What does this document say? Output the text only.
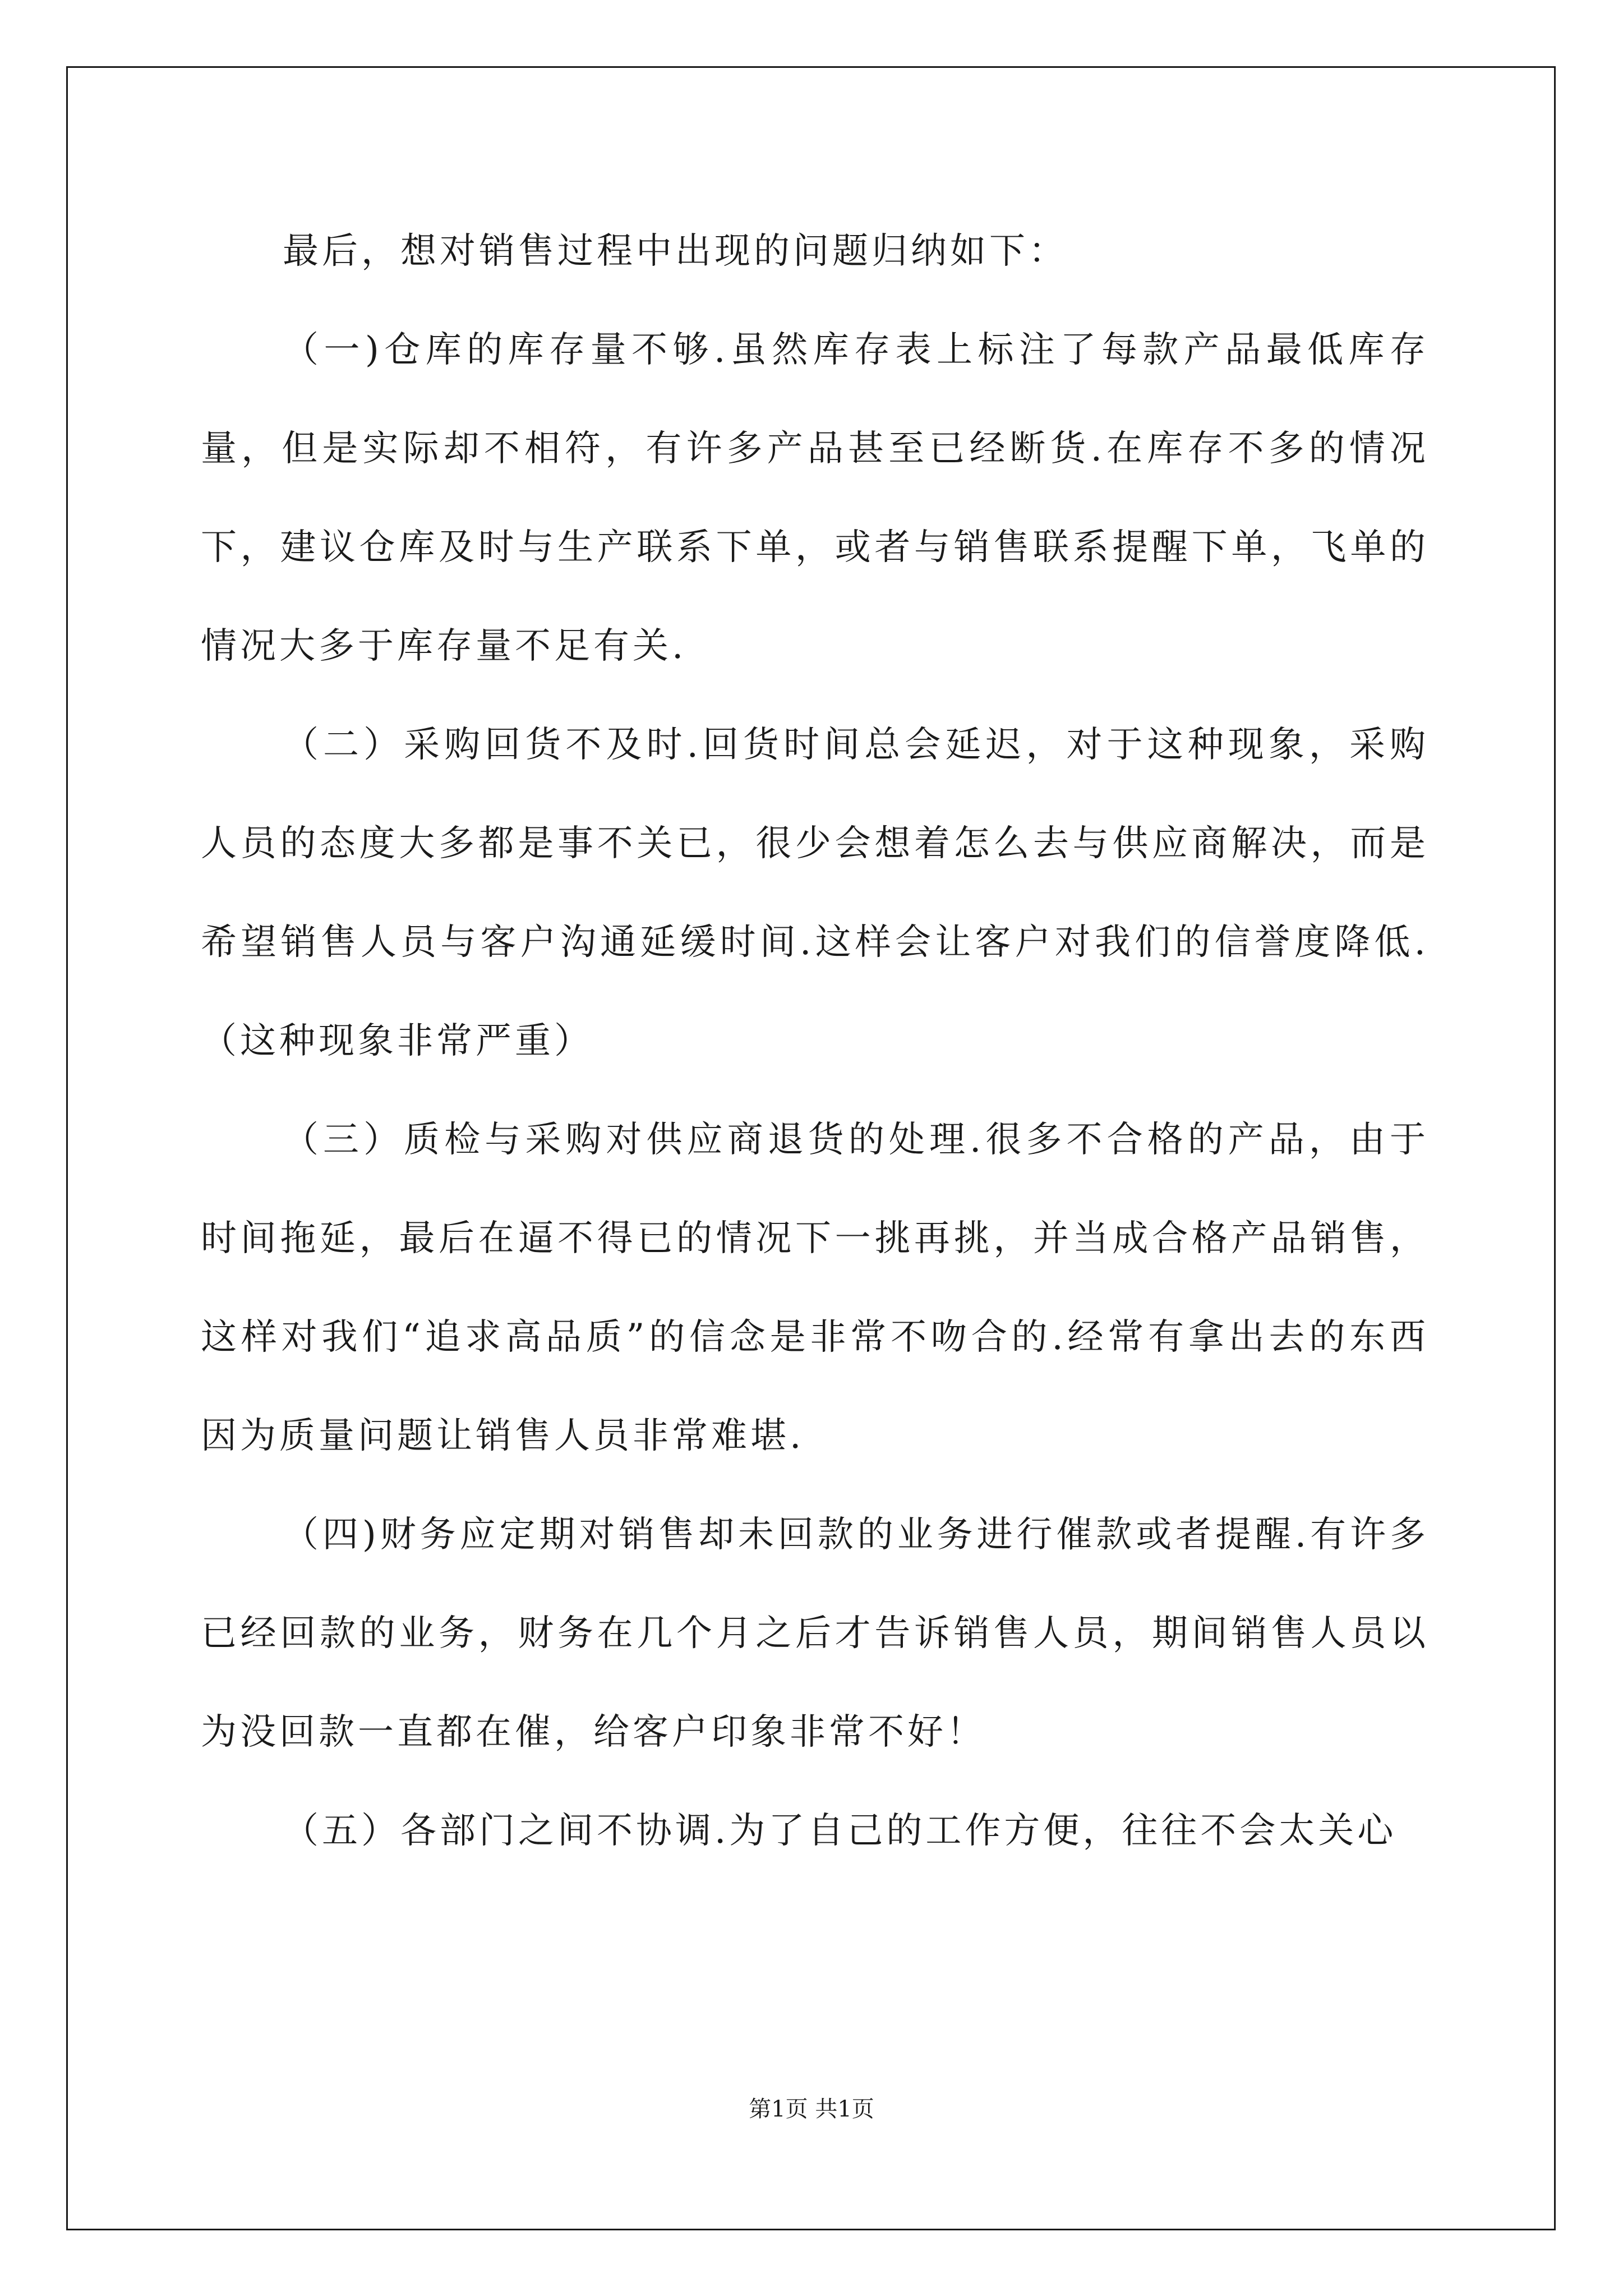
最后，想对销售过程中出现的问题归纳如下：

（一)仓库的库存量不够.虽然库存表上标注了每款产品最低库存量，但是实际却不相符，有许多产品甚至已经断货.在库存不多的情况下，建议仓库及时与生产联系下单，或者与销售联系提醒下单，飞单的情况大多于库存量不足有关.

（二）采购回货不及时.回货时间总会延迟，对于这种现象，采购人员的态度大多都是事不关已，很少会想着怎么去与供应商解决，而是希望销售人员与客户沟通延缓时间.这样会让客户对我们的信誉度降低.（这种现象非常严重）

（三）质检与采购对供应商退货的处理.很多不合格的产品，由于时间拖延，最后在逼不得已的情况下一挑再挑，并当成合格产品销售，这样对我们“追求高品质”的信念是非常不吻合的.经常有拿出去的东西因为质量问题让销售人员非常难堪.

（四)财务应定期对销售却未回款的业务进行催款或者提醒.有许多已经回款的业务，财务在几个月之后才告诉销售人员，期间销售人员以为没回款一直都在催，给客户印象非常不好！

（五）各部门之间不协调.为了自己的工作方便，往往不会太关心

第1页 共1页
